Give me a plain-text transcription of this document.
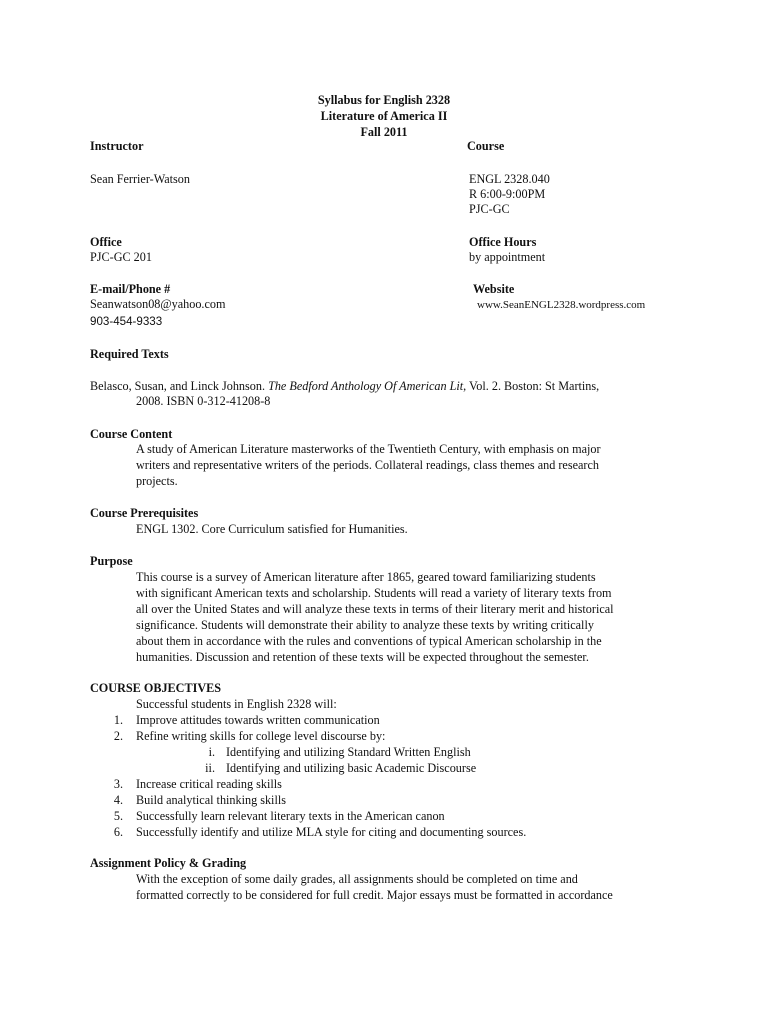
Syllabus for English 2328
Literature of America II
Fall 2011
Instructor	Course
Sean Ferrier-Watson	ENGL 2328.040
R 6:00-9:00PM
PJC-GC
Office	Office Hours
PJC-GC 201	by appointment
E-mail/Phone #	Website
Seanwatson08@yahoo.com	www.SeanENGL2328.wordpress.com
903-454-9333
Required Texts
Belasco, Susan, and Linck Johnson. The Bedford Anthology Of American Lit, Vol. 2. Boston: St Martins,
2008. ISBN 0-312-41208-8
Course Content
A study of American Literature masterworks of the Twentieth Century, with emphasis on major
writers and representative writers of the periods. Collateral readings, class themes and research
projects.
Course Prerequisites
ENGL 1302. Core Curriculum satisfied for Humanities.
Purpose
This course is a survey of American literature after 1865, geared toward familiarizing students
with significant American texts and scholarship. Students will read a variety of literary texts from
all over the United States and will analyze these texts in terms of their literary merit and historical
significance. Students will demonstrate their ability to analyze these texts by writing critically
about them in accordance with the rules and conventions of typical American scholarship in the
humanities. Discussion and retention of these texts will be expected throughout the semester.
COURSE OBJECTIVES
Successful students in English 2328 will:
1. Improve attitudes towards written communication
2. Refine writing skills for college level discourse by:
i. Identifying and utilizing Standard Written English
ii. Identifying and utilizing basic Academic Discourse
3. Increase critical reading skills
4. Build analytical thinking skills
5. Successfully learn relevant literary texts in the American canon
6. Successfully identify and utilize MLA style for citing and documenting sources.
Assignment Policy & Grading
With the exception of some daily grades, all assignments should be completed on time and
formatted correctly to be considered for full credit. Major essays must be formatted in accordance
